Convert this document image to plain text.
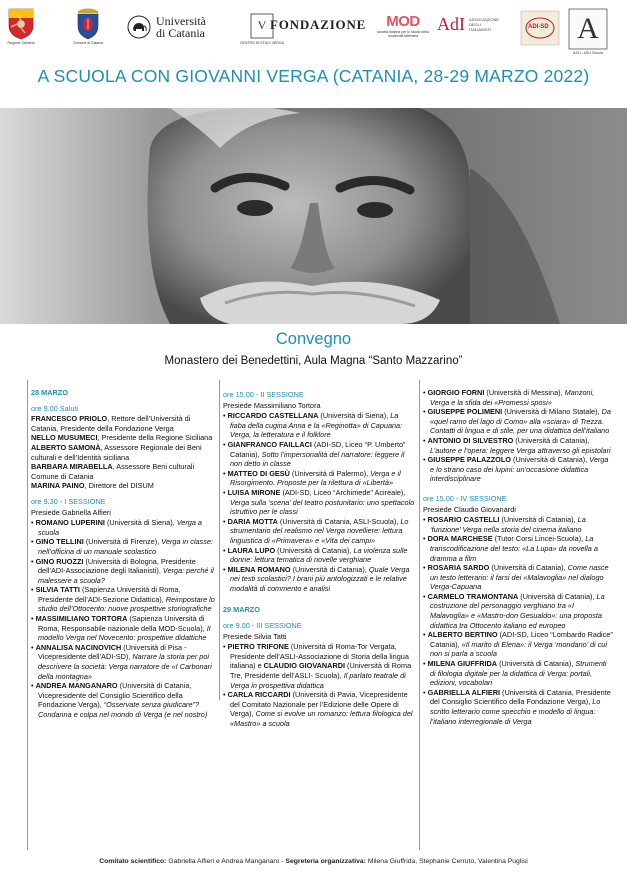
Regione Siciliana	Comune di Catania
Università
di Catania
V
CENTRO DI STUDI VERGA
FONDAZIONE MOD
società italiana per lo studio della modernità letteraria
AdI ASSOCIAZIONE
DEGLI
ITALIANISTI	ADI-SD A
ASLI - ASLI Scuola
A SCUOLA CON GIOVANNI VERGA (CATANIA, 28-29 MARZO 2022)
Convegno
Monastero dei Benedettini, Aula Magna “Santo Mazzarino”
28 MARZO
ore 9.00 Saluti
FRANCESCO PRIOLO, Rettore dell’Università di Catania, Presidente della Fondazione Verga
NELLO MUSUMECI, Presidente della Regione Siciliana
ALBERTO SAMONÀ, Assessore Regionale dei Beni culturali e dell’Identità siciliana
BARBARA MIRABELLA, Assessore Beni culturali Comune di Catania
MARINA PAINO, Direttore del DISUM
ore 9.30 - I SESSIONE
Presiede Gabriella Alfieri
• ROMANO LUPERINI (Università di Siena), Verga a scuola
• GINO TELLINI (Università di Firenze), Verga in classe: nell’officina di un manuale scolastico
• GINO RUOZZI (Università di Bologna, Presidente dell’ADI-Associazione degli Italianisti), Verga: perché il malessere a scuola?
• SILVIA TATTI (Sapienza Università di Roma, Presidente dell’ADI-Sezione Didattica), Reimpostare lo studio dell’Ottocento: nuove prospettive storiografiche
• MASSIMILIANO TORTORA (Sapienza Università di Roma, Responsabile nazionale della MOD-Scuola), Il modello Verga nel Novecento: prospettive didattiche
• ANNALISA NACINOVICH (Università di Pisa - Vicepresidente dell’ADI-SD), Narrare la storia per poi descrivere la società: Verga narratore de «I Carbonari della montagna»
• ANDREA MANGANARO (Università di Catania, Vicepresidente del Consiglio Scientifico della Fondazione Verga), “Osservate senza giudicare”? Condanna e colpa nel mondo di Verga (e nel nostro)
ore 15.00 - II SESSIONE
Presiede Massimiliano Tortora
• RICCARDO CASTELLANA (Università di Siena), La fiaba della cugina Anna e la «Reginotta» di Capuana: Verga, la letteratura e il folklore
• GIANFRANCO FAILLACI (ADI-SD, Liceo “P. Umberto” Catania), Sotto l’impersonalità del narratore: leggere il non detto in classe
• MATTEO DI GESÙ (Università di Palermo), Verga e il Risorgimento. Proposte per la rilettura di «Libertà»
• LUISA MIRONE (ADI-SD, Liceo “Archimede” Acireale), Verga sulla ‘scena’ del teatro postunitario: uno spettacolo istruttivo per le classi
• DARIA MOTTA (Università di Catania, ASLI-Scuola), Lo strumentario del realismo nel Verga novelliere: lettura linguistica di «Primavera» e «Vita dei campi»
• LAURA LUPO (Università di Catania), La violenza sulle donne: lettura tematica di novelle verghiane
• MILENA ROMANO (Università di Catania), Quale Verga nei testi scolastici? I brani più antologizzati e le relative modalità di commento e analisi
29 MARZO
ore 9.00 - III SESSIONE
Presiede Silvia Tatti
• PIETRO TRIFONE (Università di Roma-Tor Vergata, Presidente dell’ASLI-Associazione di Storia della lingua italiana) e CLAUDIO GIOVANARDI (Università di Roma Tre, Presidente dell’ASLI- Scuola), Il parlato teatrale di Verga in prospettiva didattica
• CARLA RICCARDI (Università di Pavia, Vicepresidente del Comitato Nazionale per l’Edizione delle Opere di Verga), Come si evolve un romanzo: lettura filologica del «Mastro» a scuola
• GIORGIO FORNI (Università di Messina), Manzoni, Verga e la sfida dei «Promessi sposi»
• GIUSEPPE POLIMENI (Università di Milano Statale), Da «quel ramo del lago di Como» alla «sciara» di Trezza. Contatti di lingua e di stile, per una didattica dell’italiano
• ANTONIO DI SILVESTRO (Università di Catania), L’autore e l’opera: leggere Verga attraverso gli epistolari
• GIUSEPPE PALAZZOLO (Università di Catania), Verga e lo strano caso dei lupini: un’occasione didattica interdisciplinare
ore 15.00 - IV SESSIONE
Presiede Claudio Giovanardi
• ROSARIO CASTELLI (Università di Catania), La ‘funzione’ Verga nella storia del cinema italiano
• DORA MARCHESE (Tutor Corsi Lincei-Scuola), La transcodificazione del testo: «La Lupa» da novella a dramma a film
• ROSARIA SARDO (Università di Catania), Come nasce un testo letterario: il farsi dei «Malavoglia» nel dialogo Verga-Capuana
• CARMELO TRAMONTANA (Università di Catania), La costruzione del personaggio verghiano tra «I Malavoglia» e «Mastro-don Gesualdo»: una proposta didattica tra Ottocento italiano ed europeo
• ALBERTO BERTINO (ADI-SD, Liceo “Lombardo Radice” Catania), «Il marito di Elena»: il Verga ‘mondano’ di cui non si parla a scuola
• MILENA GIUFFRIDA (Università di Catania), Strumenti di filologia digitale per la didattica di Verga: portali, edizioni, vocabolari
• GABRIELLA ALFIERI (Università di Catania, Presidente del Consiglio Scientifico della Fondazione Verga), Lo scritto letterario come specchio e modello di lingua: l’italiano interregionale di Verga
Comitato scientifico: Gabriella Alfieri e Andrea Manganaro - Segreteria organizzativa: Milena Giuffrida, Stephanie Cerruto, Valentina Puglisi
